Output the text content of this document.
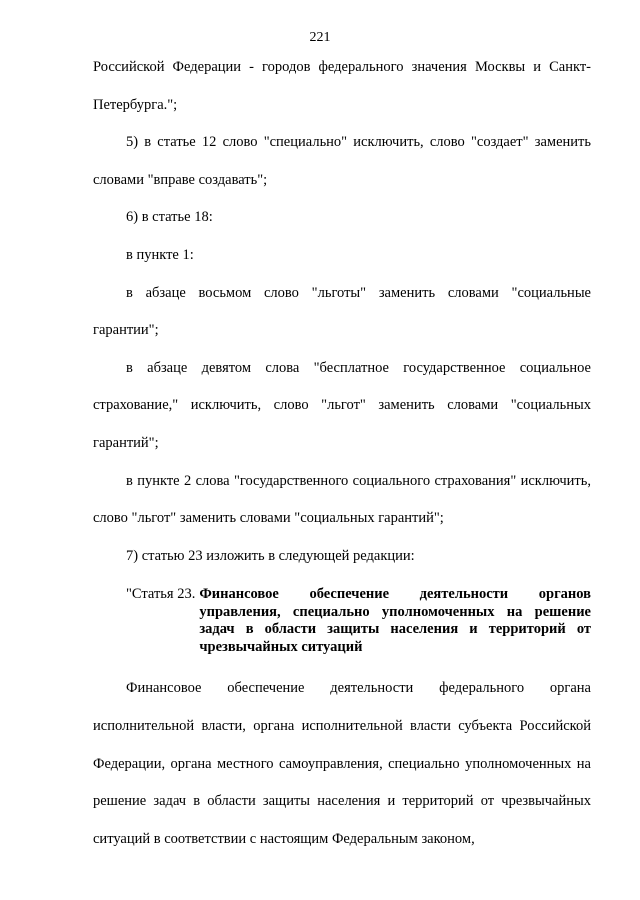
221

Российской Федерации - городов федерального значения Москвы и Санкт-

Петербурга.";

5) в статье 12 слово "специально" исключить, слово "создает" заменить словами "вправе создавать";

6) в статье 18:

в пункте 1:

в абзаце восьмом слово "льготы" заменить словами "социальные гарантии";

в абзаце девятом слова "бесплатное государственное социальное страхование," исключить, слово "льгот" заменить словами "социальных гарантий";

в пункте 2 слова "государственного социального страхования" исключить, слово "льгот" заменить словами "социальных гарантий";

7) статью 23 изложить в следующей редакции:

"Статья 23. Финансовое обеспечение деятельности органов управления, специально уполномоченных на решение задач в области защиты населения и территорий от чрезвычайных ситуаций

Финансовое обеспечение деятельности федерального органа исполнительной власти, органа исполнительной власти субъекта Российской Федерации, органа местного самоуправления, специально уполномоченных на решение задач в области защиты населения и территорий от чрезвычайных ситуаций в соответствии с настоящим Федеральным законом,
